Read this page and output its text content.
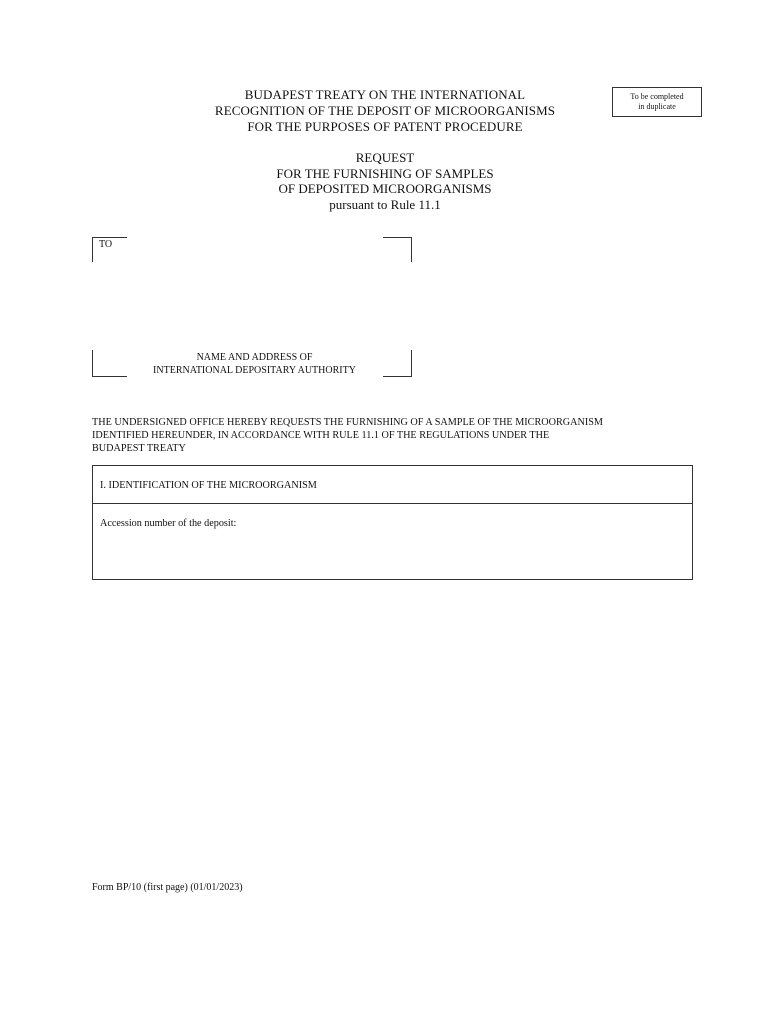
BUDAPEST TREATY ON THE INTERNATIONAL
RECOGNITION OF THE DEPOSIT OF MICROORGANISMS
FOR THE PURPOSES OF PATENT PROCEDURE
To be completed
in duplicate
REQUEST
FOR THE FURNISHING OF SAMPLES
OF DEPOSITED MICROORGANISMS
pursuant to Rule 11.1
TO
NAME AND ADDRESS OF
INTERNATIONAL DEPOSITARY AUTHORITY
THE UNDERSIGNED OFFICE HEREBY REQUESTS THE FURNISHING OF A SAMPLE OF THE MICROORGANISM
IDENTIFIED HEREUNDER, IN ACCORDANCE WITH RULE 11.1 OF THE REGULATIONS UNDER THE
BUDAPEST TREATY
I. IDENTIFICATION OF THE MICROORGANISM
Accession number of the deposit:
Form BP/10 (first page) (01/01/2023)
